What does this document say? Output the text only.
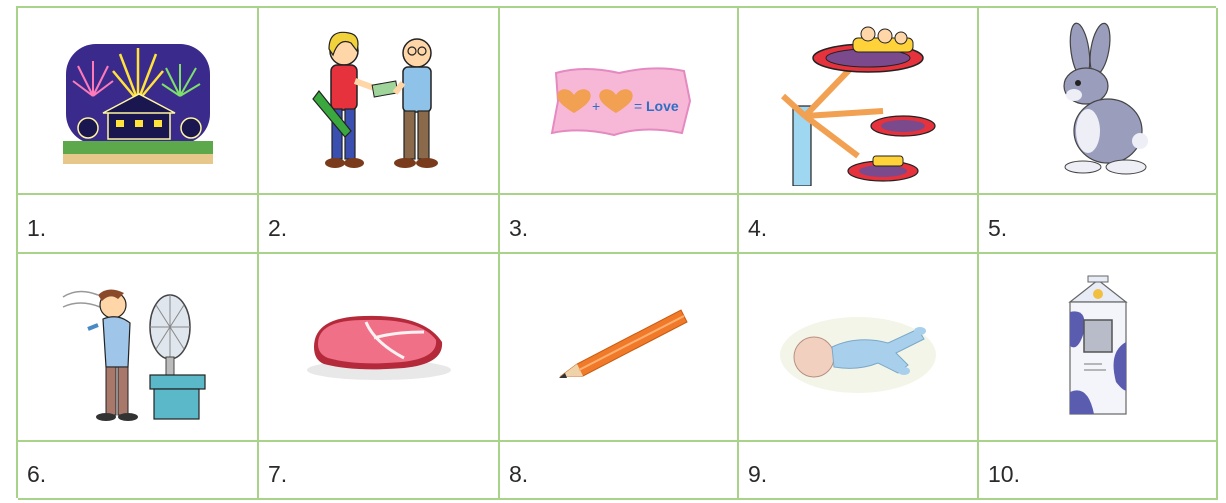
+ = Love
1.	2.	3.	4.	5.
6.	7.	8.	9.	10.
